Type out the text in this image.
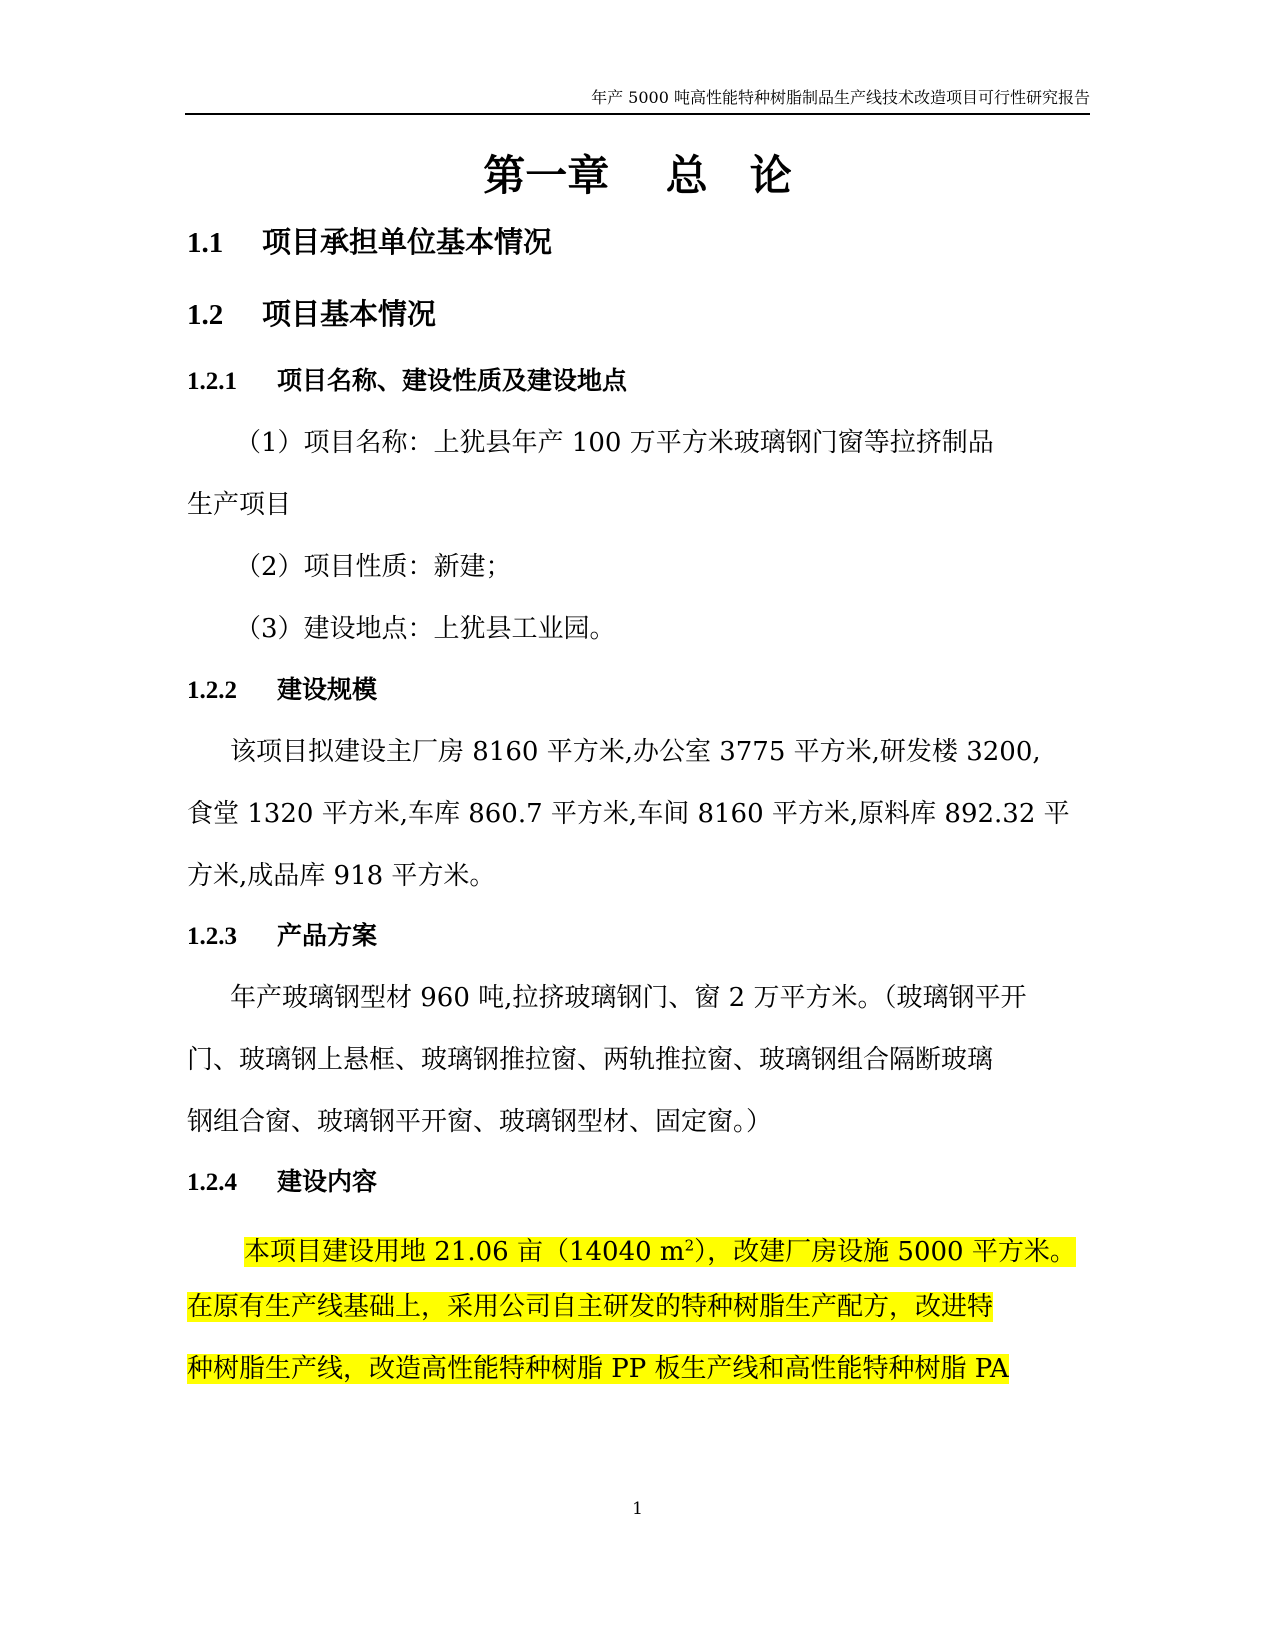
年产 5000 吨高性能特种树脂制品生产线技术改造项目可行性研究报告
第一章　 总　论
1.1 项目承担单位基本情况
1.2 项目基本情况
1.2.1 项目名称、建设性质及建设地点
（1）项目名称：上犹县年产 100 万平方米玻璃钢门窗等拉挤制品
生产项目
（2）项目性质：新建；
（3）建设地点：上犹县工业园。
1.2.2 建设规模
该项目拟建设主厂房 8160 平方米,办公室 3775 平方米,研发楼 3200,
食堂 1320 平方米,车库 860.7 平方米,车间 8160 平方米,原料库 892.32 平
方米,成品库 918 平方米。
1.2.3 产品方案
年产玻璃钢型材 960 吨,拉挤玻璃钢门、窗 2 万平方米。（玻璃钢平开
门、玻璃钢上悬框、玻璃钢推拉窗、两轨推拉窗、玻璃钢组合隔断玻璃
钢组合窗、玻璃钢平开窗、玻璃钢型材、固定窗。）
1.2.4 建设内容
本项目建设用地 21.06 亩（14040 $m^2$），改建厂房设施 5000 平方米。
在原有生产线基础上，采用公司自主研发的特种树脂生产配方，改进特
种树脂生产线，改造高性能特种树脂 PP 板生产线和高性能特种树脂 PA
1
